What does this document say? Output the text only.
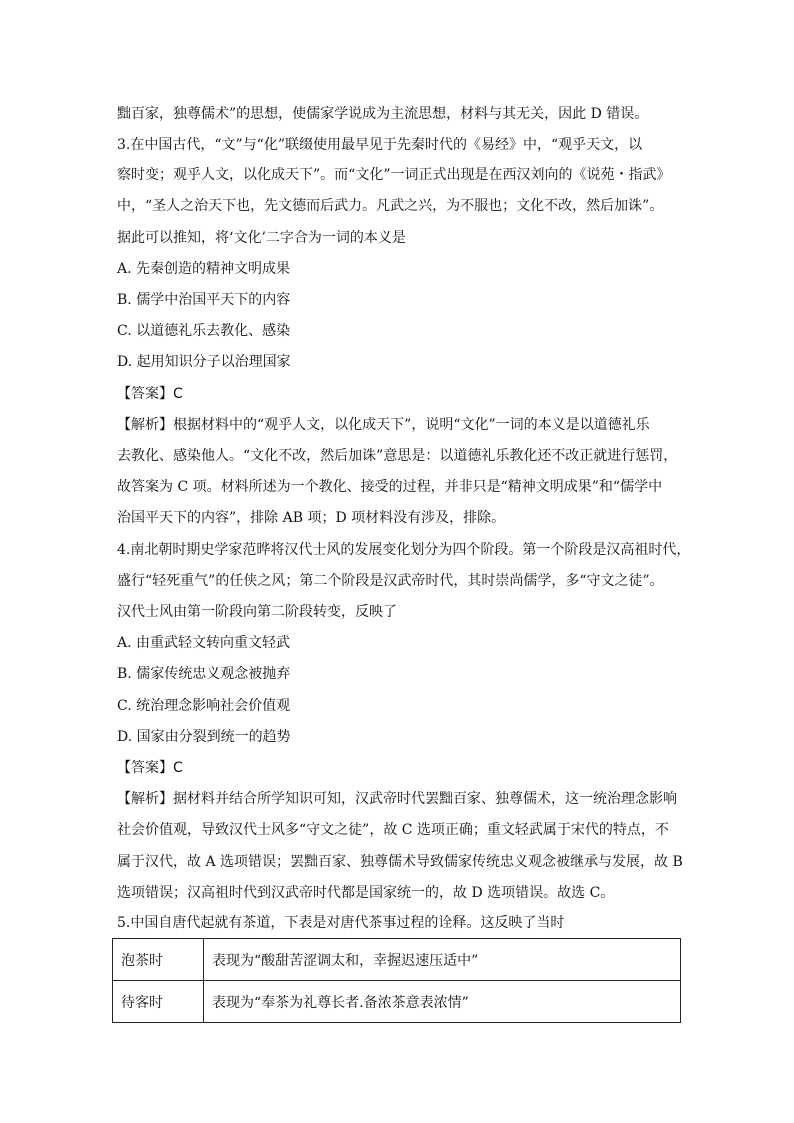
黜百家，独尊儒术”的思想，使儒家学说成为主流思想，材料与其无关，因此 D 错误。
3.在中国古代，“文”与“化”联缀使用最早见于先秦时代的《易经》中，“观乎天文，以
察时变；观乎人文，以化成天下”。而“文化”一词正式出现是在西汉刘向的《说苑・指武》
中，“圣人之治天下也，先文德而后武力。凡武之兴，为不服也；文化不改，然后加诛”。
据此可以推知，将‘文化’二字合为一词的本义是
A. 先秦创造的精神文明成果
B. 儒学中治国平天下的内容
C. 以道德礼乐去教化、感染
D. 起用知识分子以治理国家
【答案】C
【解析】根据材料中的“观乎人文，以化成天下”，说明“文化”一词的本义是以道德礼乐
去教化、感染他人。“文化不改，然后加诛”意思是：以道德礼乐教化还不改正就进行惩罚，
故答案为 C 项。材料所述为一个教化、接受的过程，并非只是“精神文明成果”和“儒学中
治国平天下的内容”，排除 AB 项；D 项材料没有涉及，排除。
4.南北朝时期史学家范晔将汉代士风的发展变化划分为四个阶段。第一个阶段是汉高祖时代，
盛行“轻死重气”的任侠之风；第二个阶段是汉武帝时代，其时崇尚儒学，多“守文之徒”。
汉代士风由第一阶段向第二阶段转变，反映了
A. 由重武轻文转向重文轻武
B. 儒家传统忠义观念被抛弃
C. 统治理念影响社会价值观
D. 国家由分裂到统一的趋势
【答案】C
【解析】据材料并结合所学知识可知，汉武帝时代罢黜百家、独尊儒术，这一统治理念影响
社会价值观，导致汉代士风多“守文之徒”，故 C 选项正确；重文轻武属于宋代的特点，不
属于汉代，故 A 选项错误；罢黜百家、独尊儒术导致儒家传统忠义观念被继承与发展，故 B
选项错误；汉高祖时代到汉武帝时代都是国家统一的，故 D 选项错误。故选 C。
5.中国自唐代起就有茶道，下表是对唐代茶事过程的诠释。这反映了当时
泡茶时	表现为“酸甜苦涩调太和，幸握迟速压适中”
待客时	表现为“奉茶为礼尊长者.备浓茶意表浓情”
